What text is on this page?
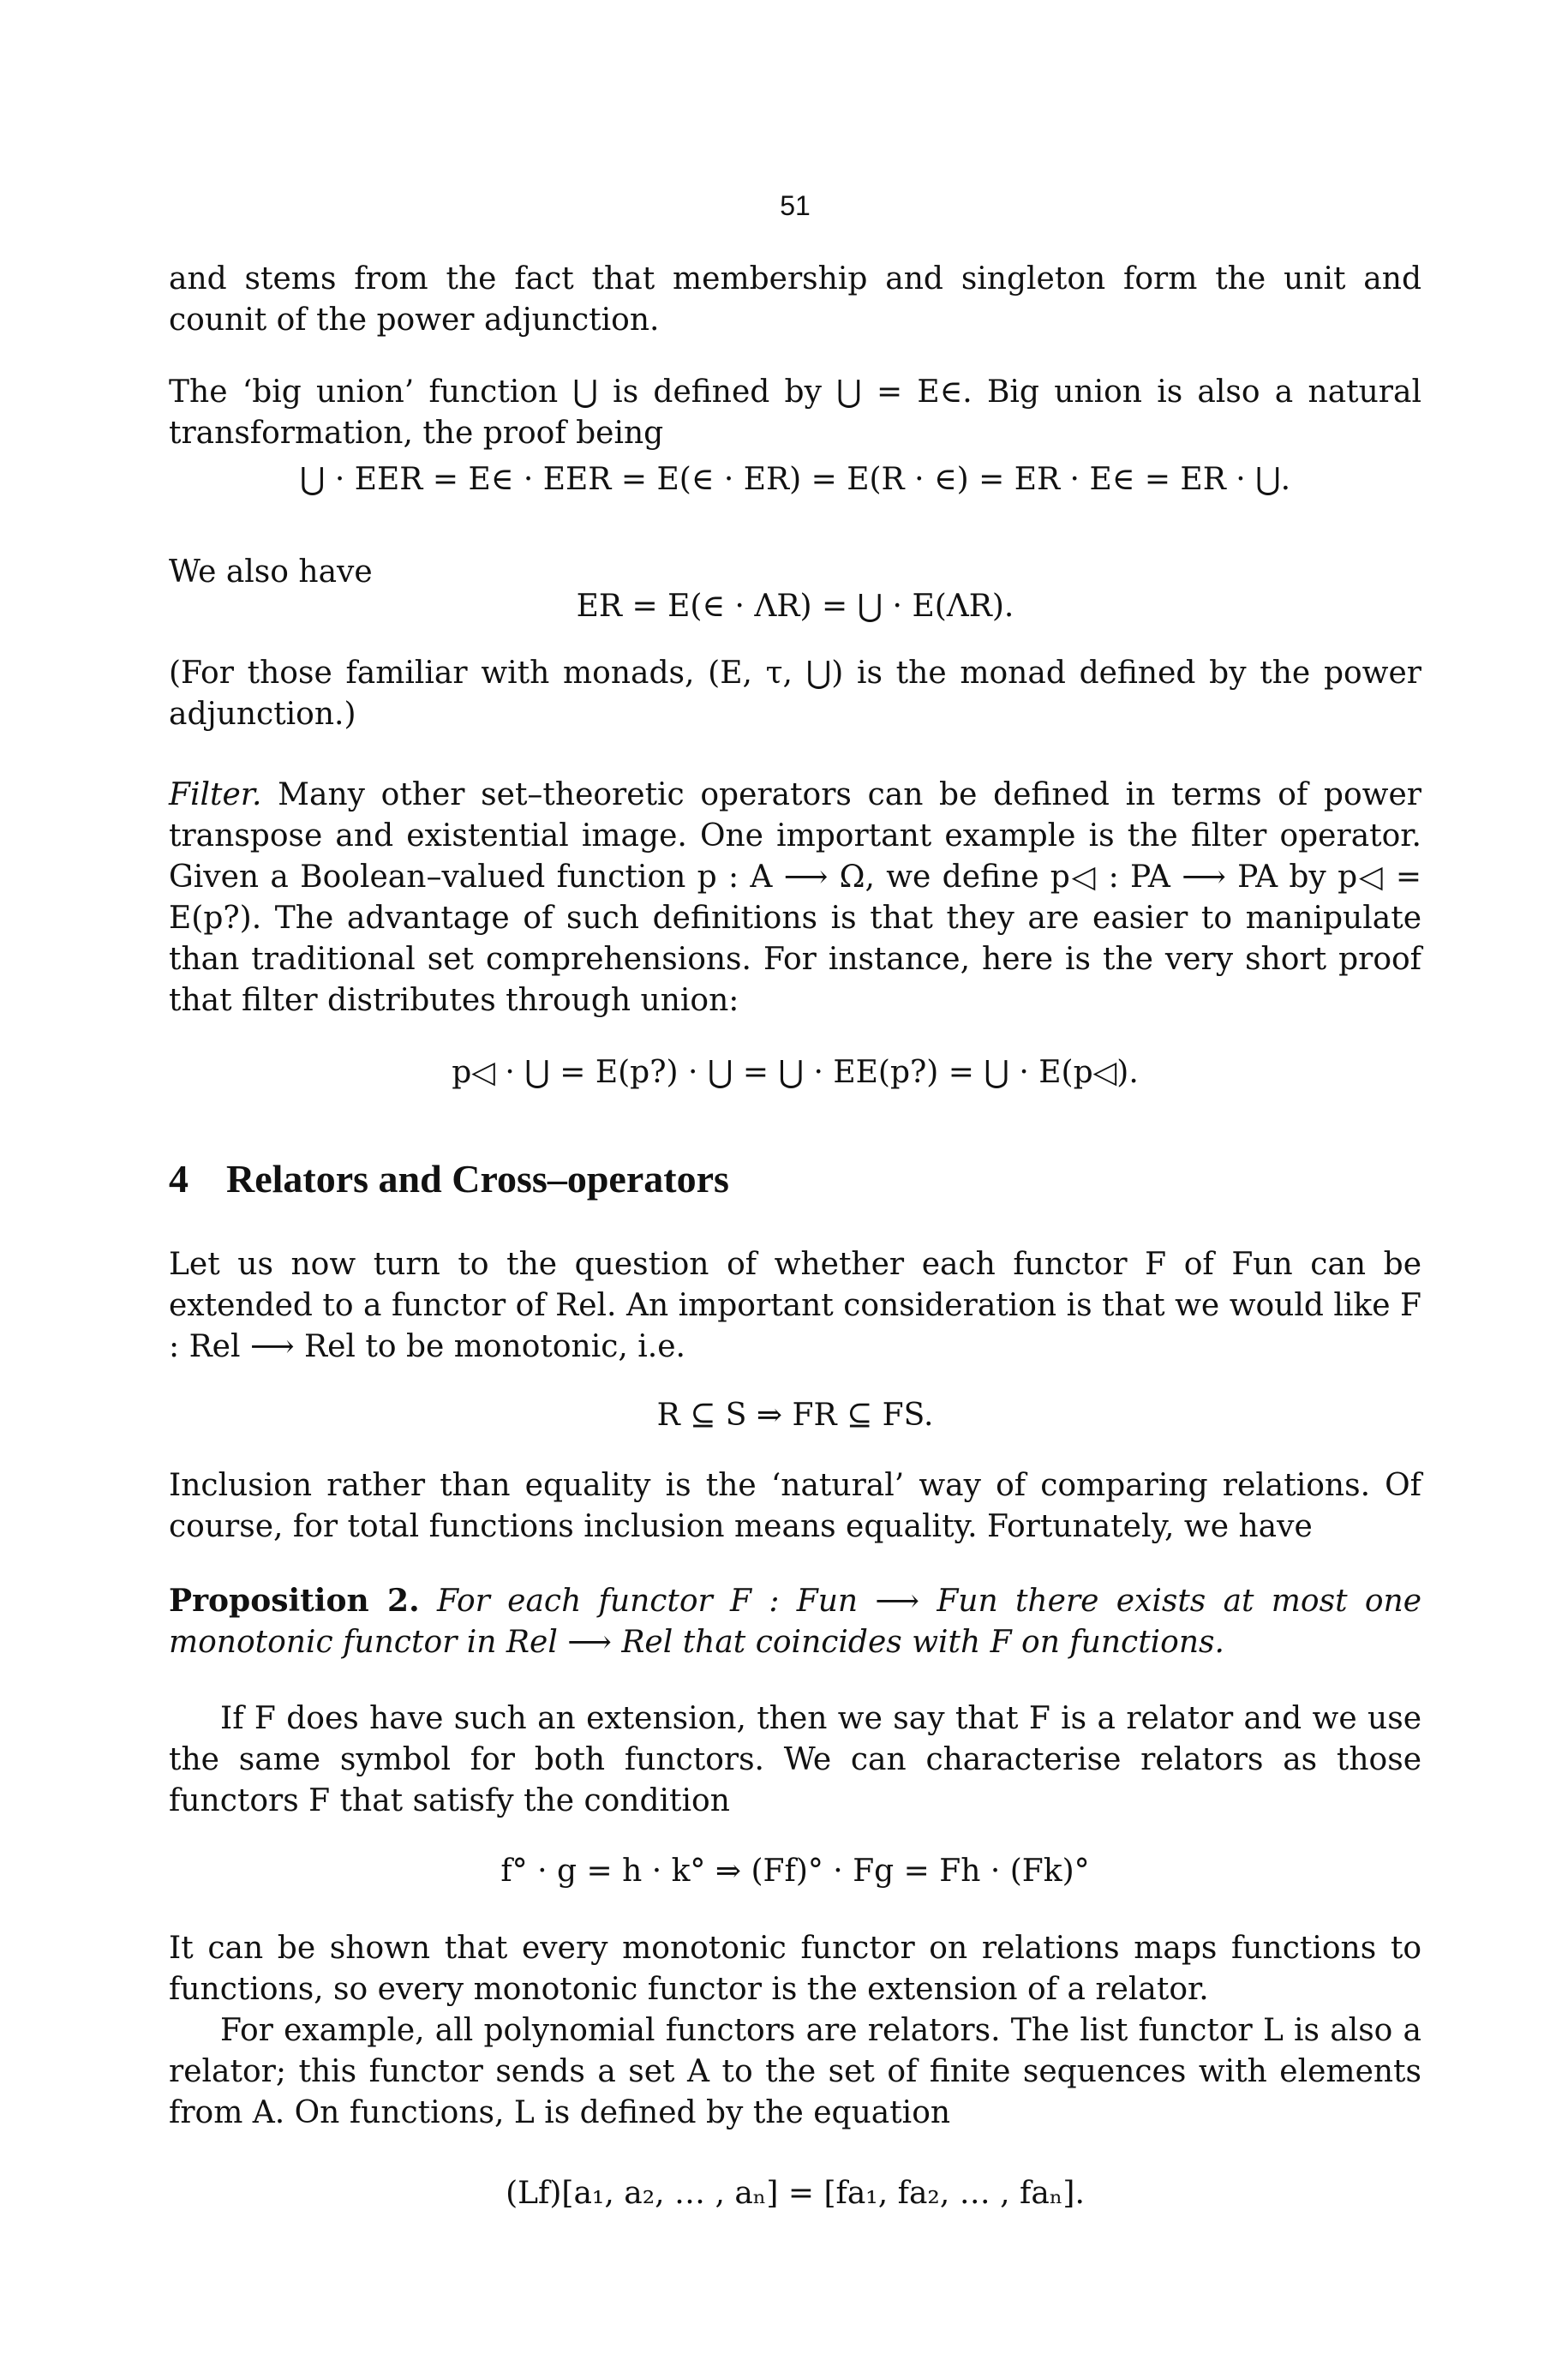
51

and stems from the fact that membership and singleton form the unit and counit of the power adjunction.

The ‘big union’ function ⋃ is defined by ⋃ = E∈. Big union is also a natural transformation, the proof being

⋃ · EER = E∈ · EER = E(∈ · ER) = E(R · ∈) = ER · E∈ = ER · ⋃.
We also have
ER = E(∈ · ΛR) = ⋃ · E(ΛR).

(For those familiar with monads, (E, τ, ⋃) is the monad defined by the power adjunction.)

Filter. Many other set–theoretic operators can be defined in terms of power transpose and existential image. One important example is the filter operator. Given a Boolean–valued function p : A ⟶ Ω, we define p◁ : PA ⟶ PA by p◁ = E(p?). The advantage of such definitions is that they are easier to manipulate than traditional set comprehensions. For instance, here is the very short proof that filter distributes through union:

p◁ · ⋃ = E(p?) · ⋃ = ⋃ · EE(p?) = ⋃ · E(p◁).
4 Relators and Cross–operators

Let us now turn to the question of whether each functor F of Fun can be extended to a functor of Rel. An important consideration is that we would like F : Rel ⟶ Rel to be monotonic, i.e.

R ⊆ S ⇒ FR ⊆ FS.

Inclusion rather than equality is the ‘natural’ way of comparing relations. Of course, for total functions inclusion means equality. Fortunately, we have

Proposition 2. For each functor F : Fun ⟶ Fun there exists at most one monotonic functor in Rel ⟶ Rel that coincides with F on functions.

If F does have such an extension, then we say that F is a relator and we use the same symbol for both functors. We can characterise relators as those functors F that satisfy the condition

f° · g = h · k° ⇒ (Ff)° · Fg = Fh · (Fk)°

It can be shown that every monotonic functor on relations maps functions to functions, so every monotonic functor is the extension of a relator.

For example, all polynomial functors are relators. The list functor L is also a relator; this functor sends a set A to the set of finite sequences with elements from A. On functions, L is defined by the equation

(Lf)[a₁, a₂, … , aₙ] = [fa₁, fa₂, … , faₙ].
